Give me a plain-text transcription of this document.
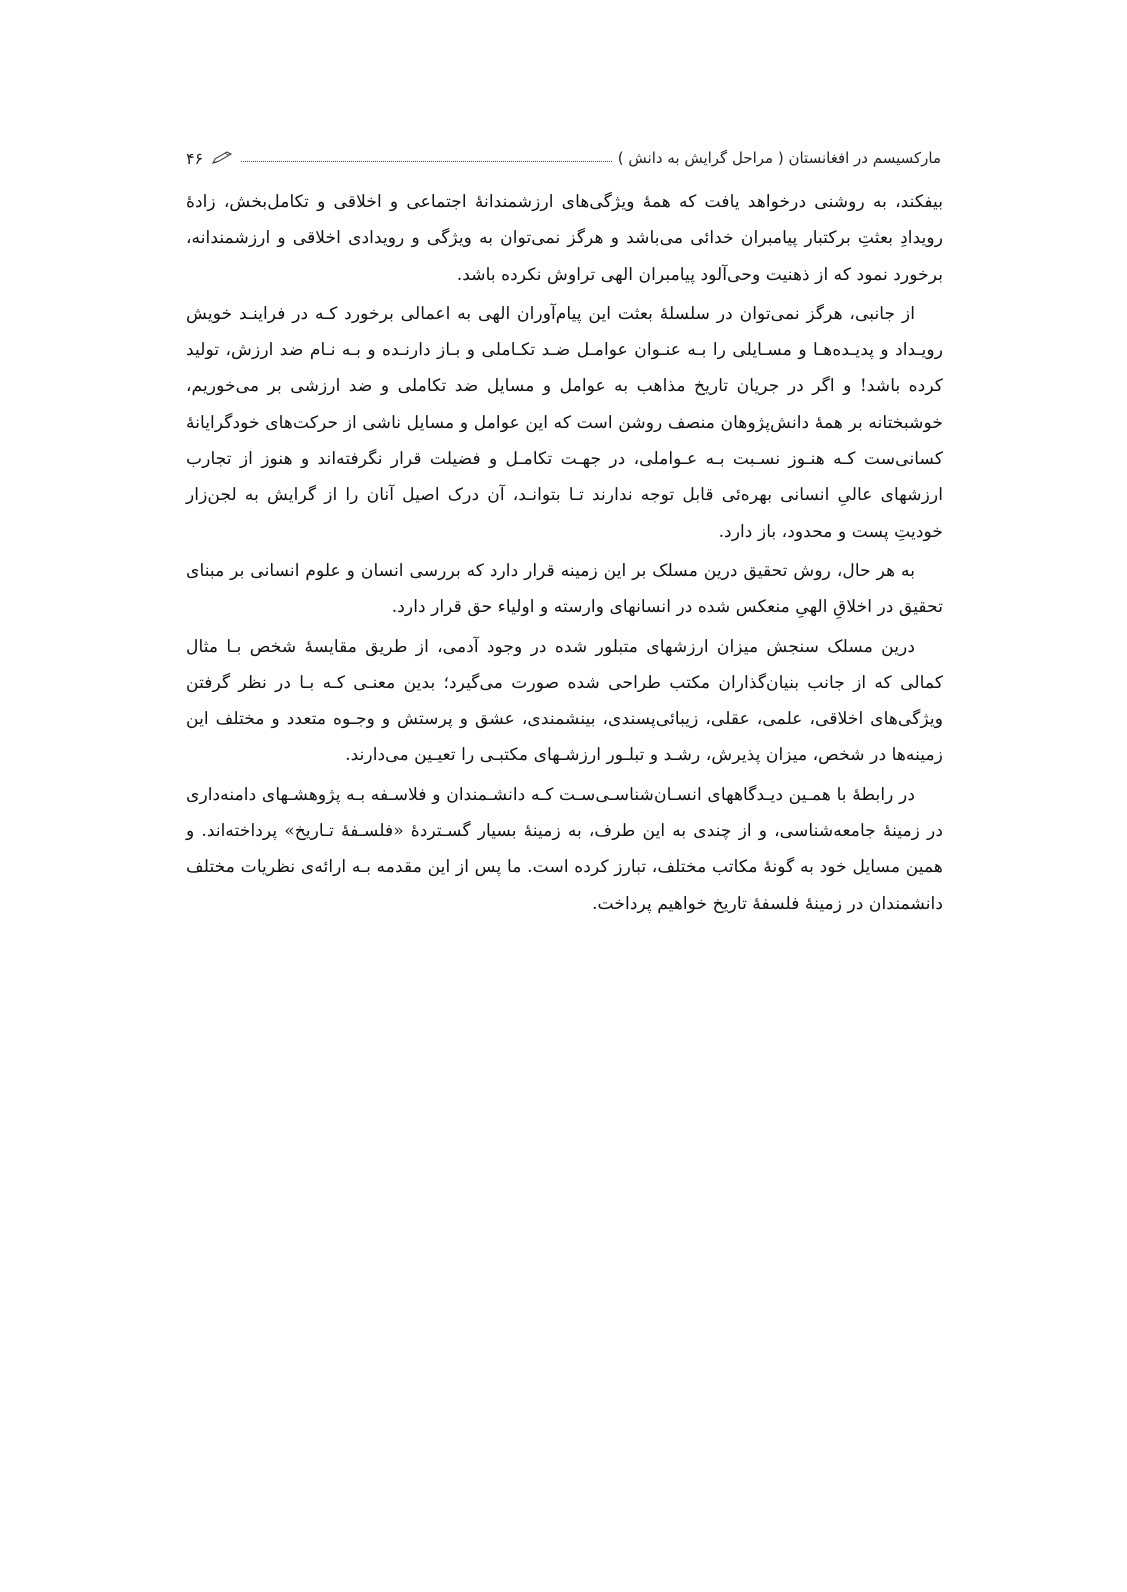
مارکسیسم در افغانستان ( مراحل گرایش به دانش )
۴۶

بیفکند، به روشنی درخواهد یافت که همهٔ ویژگی‌های ارزشمندانهٔ اجتماعی و اخلاقی و تکامل‌بخش، زادهٔ رویدادِ بعثتِ برکتبار پیامبران خدائی می‌باشد و هرگز نمی‌توان به ویژگی و رویدادی اخلاقی و ارزشمندانه، برخورد نمود که از ذهنیت وحی‌آلود پیامبران الهی تراوش نکرده باشد.

از جانبی، هرگز نمی‌توان در سلسلهٔ بعثت این پیام‌آوران الهی به اعمالی برخورد کـه در فراینـد خویش رویـداد و پدیـده‌هـا و مسـایلی را بـه عنـوان عوامـل ضـد تکـاملی و بـاز دارنـده و بـه نـام ضد ارزش، تولید کرده باشد! و اگر در جریان تاریخ مذاهب به عوامل و مسایل ضد تکاملی و ضد ارزشی بر می‌خوریم، خوشبختانه بر همهٔ دانش‌پژوهان منصف روشن است که این عوامل و مسایل ناشی از حرکت‌های خودگرایانهٔ کسانی‌ست کـه هنـوز نسـبت بـه عـواملی، در جهـت تکامـل و فضیلت قرار نگرفته‌اند و هنوز از تجارب ارزشهای عالیِ انسانی بهره‌ئی قابل توجه ندارند تـا بتوانـد، آن درک اصیل آنان را از گرایش به لجن‌زار خودیتِ پست و محدود، باز دارد.

به هر حال، روش تحقیق درین مسلک بر این زمینه قرار دارد که بررسی انسان و علوم انسانی بر مبنای تحقیق در اخلاقِ الهیِ منعکس شده در انسانهای وارسته و اولیاء حق قرار دارد.

درین مسلک سنجش میزان ارزشهای متبلور شده در وجود آدمی، از طریق مقایسهٔ شخص بـا مثال کمالی که از جانب بنیان‌گذاران مکتب طراحی شده صورت می‌گیرد؛ بدین معنـی کـه بـا در نظر گرفتن ویژگی‌های اخلاقی، علمی، عقلی، زیبائی‌پسندی، بینشمندی، عشق و پرستش و وجـوه متعدد و مختلف این زمینه‌ها در شخص، میزان پذیرش، رشـد و تبلـور ارزشـهای مکتبـی را تعیـین می‌دارند.

در رابطهٔ با همـین دیـدگاههای انسـان‌شناسـی‌سـت کـه دانشـمندان و فلاسـفه بـه پژوهشـهای دامنه‌داری در زمینهٔ جامعه‌شناسی، و از چندی به این طرف، به زمینهٔ بسیار گسـتردهٔ «فلسـفهٔ تـاریخ» پرداخته‌اند. و همین مسایل خود به گونهٔ مکاتب مختلف، تبارز کرده است. ما پس از این مقدمه بـه ارائه‌ی نظریات مختلف دانشمندان در زمینهٔ فلسفهٔ تاریخ خواهیم پرداخت.
